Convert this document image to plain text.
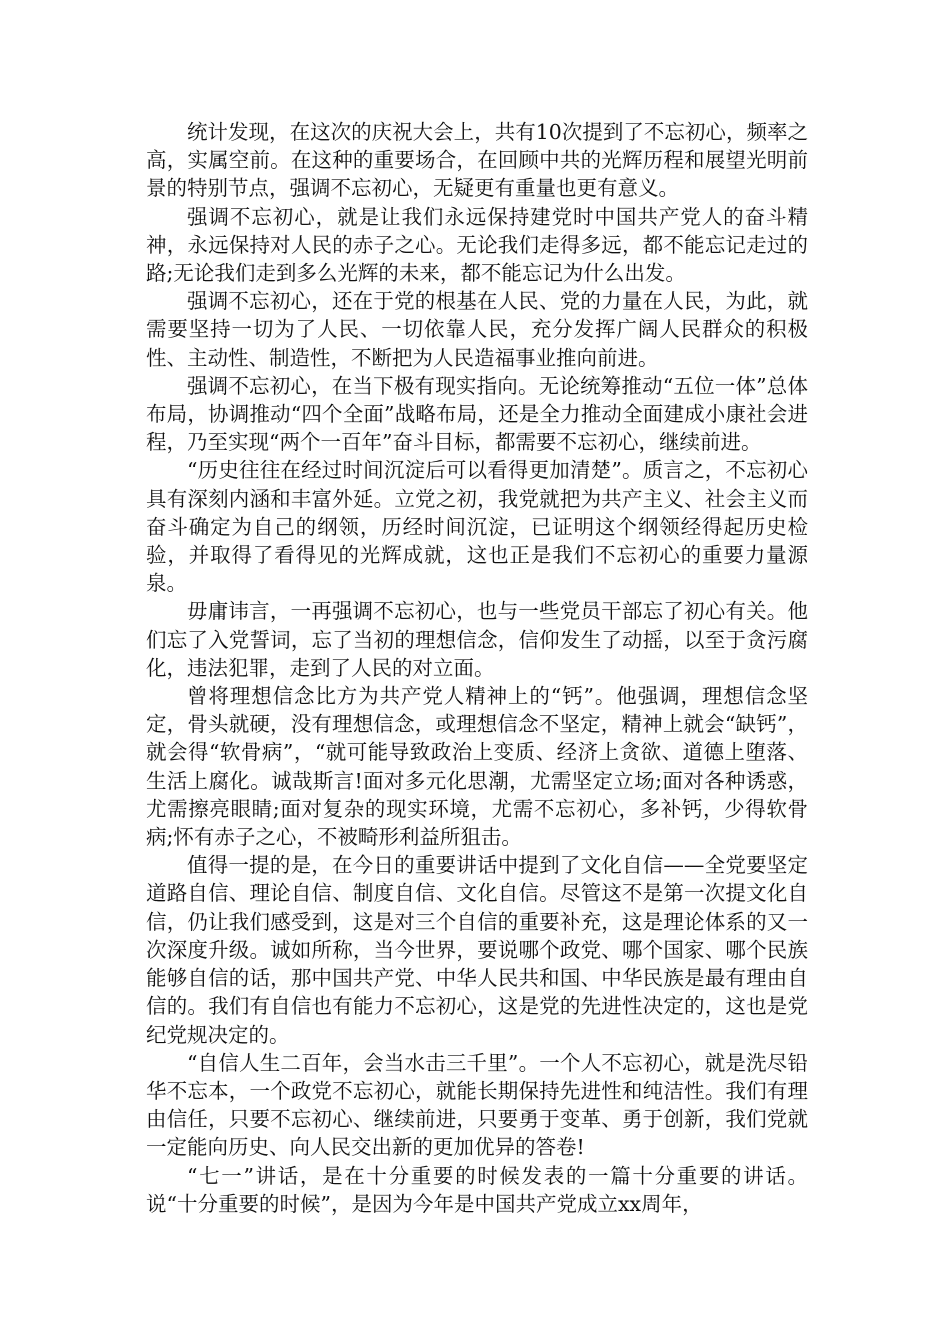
统计发现，在这次的庆祝大会上，共有10次提到了不忘初心，频率之高，实属空前。在这种的重要场合，在回顾中共的光辉历程和展望光明前景的特别节点，强调不忘初心，无疑更有重量也更有意义。

强调不忘初心，就是让我们永远保持建党时中国共产党人的奋斗精神，永远保持对人民的赤子之心。无论我们走得多远，都不能忘记走过的路;无论我们走到多么光辉的未来，都不能忘记为什么出发。

强调不忘初心，还在于党的根基在人民、党的力量在人民，为此，就需要坚持一切为了人民、一切依靠人民，充分发挥广阔人民群众的积极性、主动性、制造性，不断把为人民造福事业推向前进。

强调不忘初心，在当下极有现实指向。无论统筹推动“五位一体”总体布局，协调推动“四个全面”战略布局，还是全力推动全面建成小康社会进程，乃至实现“两个一百年”奋斗目标，都需要不忘初心，继续前进。

“历史往往在经过时间沉淀后可以看得更加清楚”。质言之，不忘初心具有深刻内涵和丰富外延。立党之初，我党就把为共产主义、社会主义而奋斗确定为自己的纲领，历经时间沉淀，已证明这个纲领经得起历史检验，并取得了看得见的光辉成就，这也正是我们不忘初心的重要力量源泉。

毋庸讳言，一再强调不忘初心，也与一些党员干部忘了初心有关。他们忘了入党誓词，忘了当初的理想信念，信仰发生了动摇，以至于贪污腐化，违法犯罪，走到了人民的对立面。

曾将理想信念比方为共产党人精神上的“钙”。他强调，理想信念坚定，骨头就硬，没有理想信念，或理想信念不坚定，精神上就会“缺钙”，就会得“软骨病”，“就可能导致政治上变质、经济上贪欲、道德上堕落、生活上腐化。诚哉斯言!面对多元化思潮，尤需坚定立场;面对各种诱惑，尤需擦亮眼睛;面对复杂的现实环境，尤需不忘初心，多补钙，少得软骨病;怀有赤子之心，不被畸形利益所狙击。

值得一提的是，在今日的重要讲话中提到了文化自信——全党要坚定道路自信、理论自信、制度自信、文化自信。尽管这不是第一次提文化自信，仍让我们感受到，这是对三个自信的重要补充，这是理论体系的又一次深度升级。诚如所称，当今世界，要说哪个政党、哪个国家、哪个民族能够自信的话，那中国共产党、中华人民共和国、中华民族是最有理由自信的。我们有自信也有能力不忘初心，这是党的先进性决定的，这也是党纪党规决定的。

“自信人生二百年，会当水击三千里”。一个人不忘初心，就是洗尽铅华不忘本，一个政党不忘初心，就能长期保持先进性和纯洁性。我们有理由信任，只要不忘初心、继续前进，只要勇于变革、勇于创新，我们党就一定能向历史、向人民交出新的更加优异的答卷!

“七一”讲话，是在十分重要的时候发表的一篇十分重要的讲话。说“十分重要的时候”，是因为今年是中国共产党成立xx周年，
